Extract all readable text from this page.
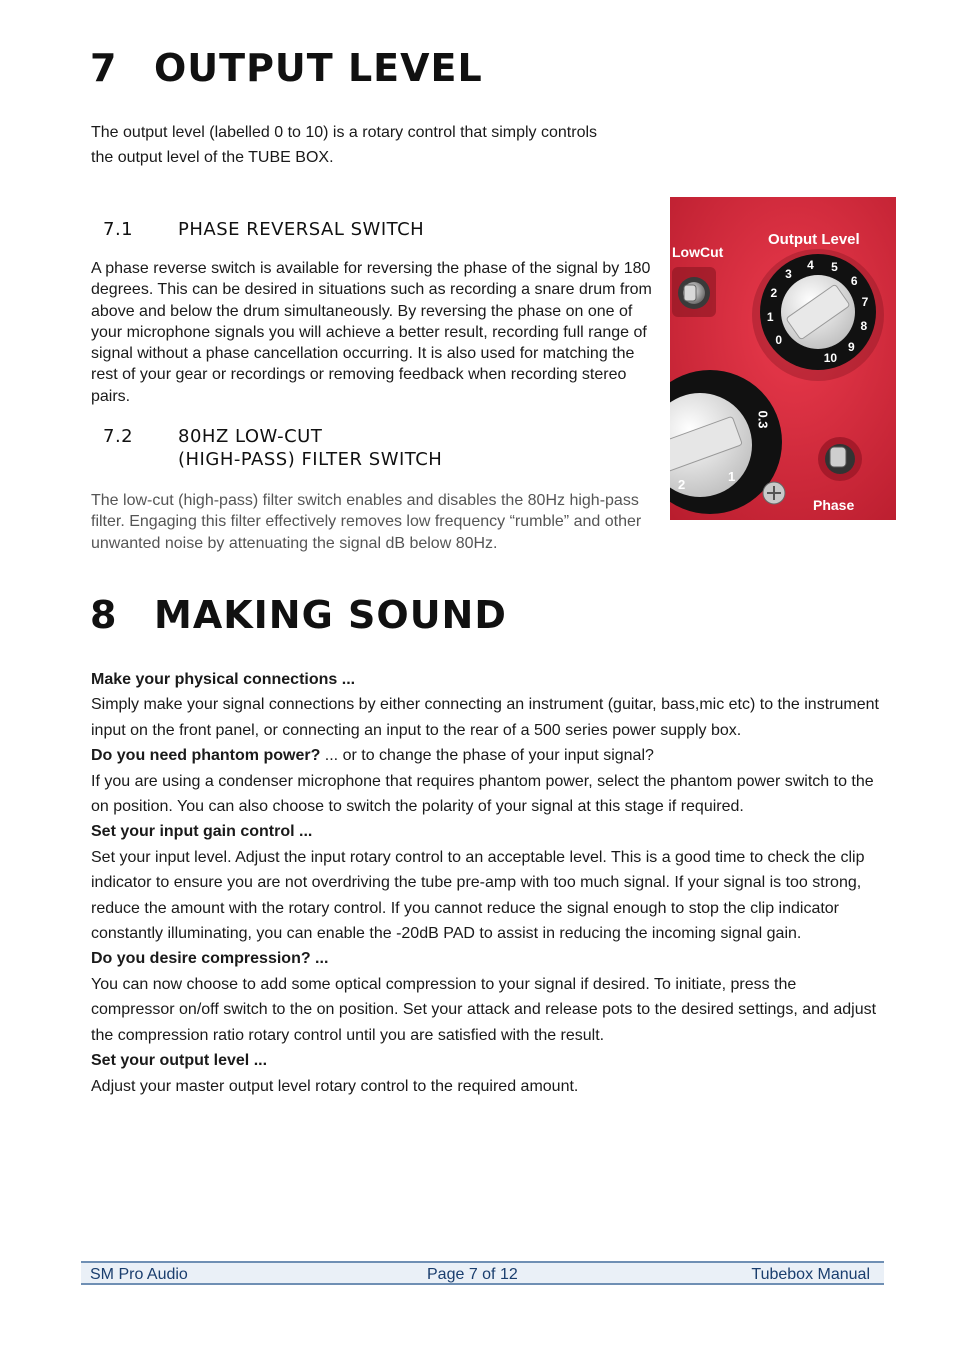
7 OUTPUT LEVEL
The output level (labelled 0 to 10) is a rotary control that simply controls
the output level of the TUBE BOX.
7.1 PHASE REVERSAL SWITCH
A phase reverse switch is available for reversing the phase of the signal by 180 degrees. This can be desired in situations such as recording a snare drum from above and below the drum simultaneously. By reversing the phase on one of your microphone signals you will achieve a better result, recording full range of signal without a phase cancellation occurring. It is also used for matching the rest of your gear or recordings or removing feedback when recording stereo pairs.
7.2 80HZ LOW-CUT
(HIGH-PASS) FILTER SWITCH
The low-cut (high-pass) filter switch enables and disables the 80Hz high-pass filter. Engaging this filter effectively removes low frequency “rumble” and other unwanted noise by attenuating the signal dB below 80Hz.
LowCut
Output Level
Phase
0
1
2
3
4 5
6
7
8
9
10
0.3
2
1
8 MAKING SOUND
Make your physical connections ...
Simply make your signal connections by either connecting an instrument (guitar, bass,mic etc) to the instrument input on the front panel, or connecting an input to the rear of a 500 series power supply box.
Do you need phantom power? ... or to change the phase of your input signal?
If you are using a condenser microphone that requires phantom power, select the phantom power switch to the on position. You can also choose to switch the polarity of your signal at this stage if required.
Set your input gain control ...
Set your input level. Adjust the input rotary control to an acceptable level. This is a good time to check the clip indicator to ensure you are not overdriving the tube pre-amp with too much signal. If your signal is too strong, reduce the amount with the rotary control. If you cannot reduce the signal enough to stop the clip indicator constantly illuminating, you can enable the -20dB PAD to assist in reducing the incoming signal gain.
Do you desire compression? ...
You can now choose to add some optical compression to your signal if desired. To initiate, press the compressor on/off switch to the on position. Set your attack and release pots to the desired settings, and adjust the compression ratio rotary control until you are satisfied with the result.
Set your output level ...
Adjust your master output level rotary control to the required amount.
SM Pro Audio	Page 7 of 12	Tubebox Manual
